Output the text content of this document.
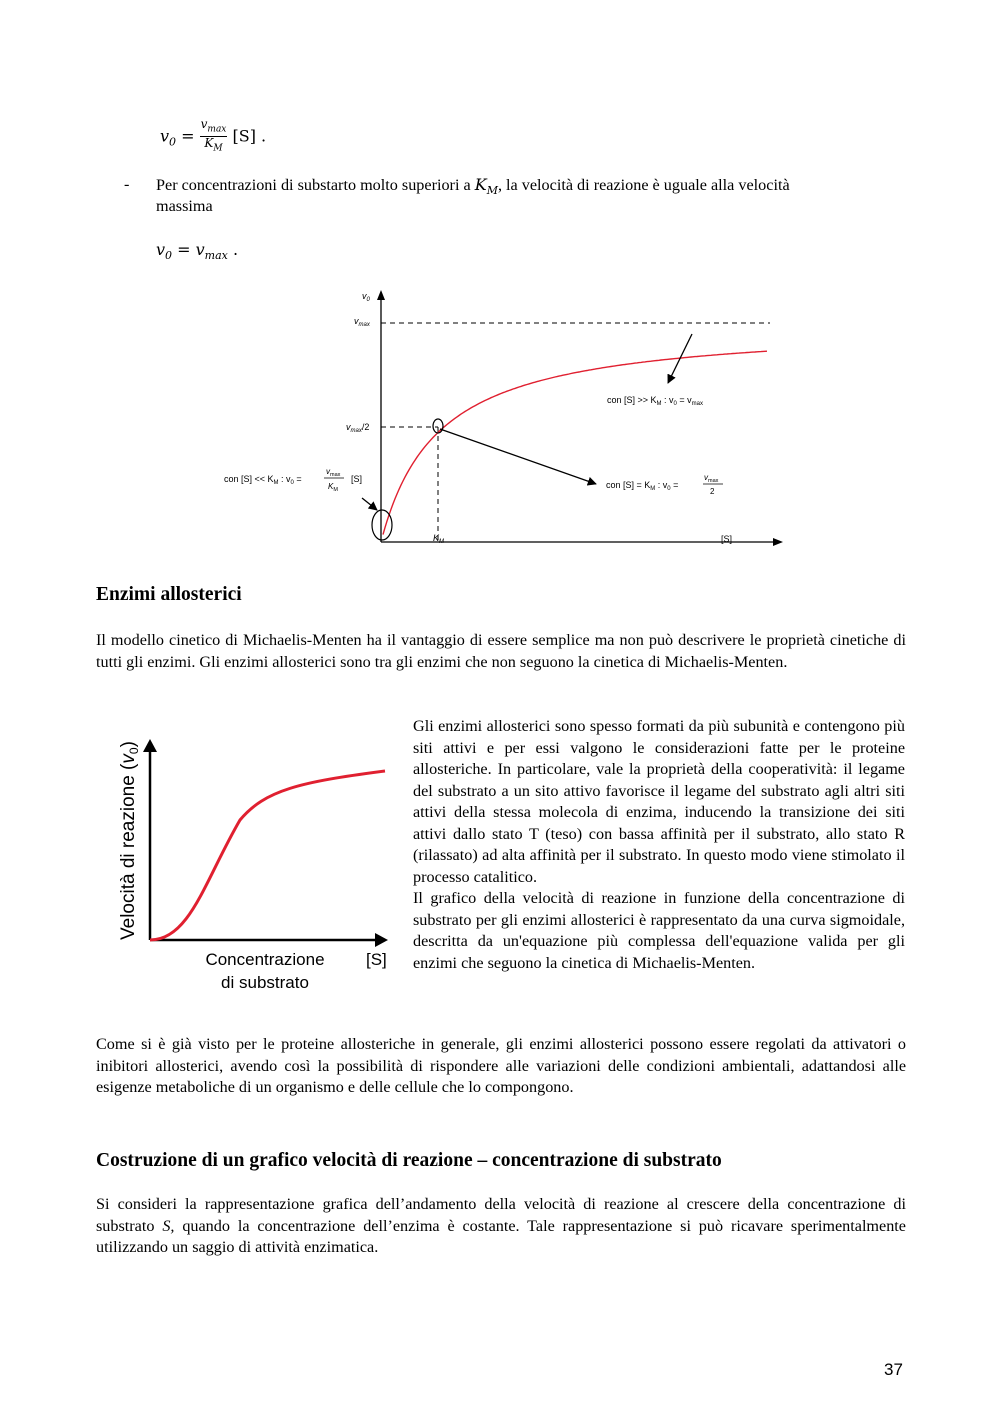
$v_0 = \frac{v_{max}}{K_M} [S]$ .
- Per concentrazioni di substarto molto superiori a $K_M$, la velocità di reazione è uguale alla velocità
massima
$v_0 = v_{max}$ .
$v_0$
$v_{max}$
$v_{max}/2$
$K_M$	[S]
con $[S] >> K_M$ : $v_0 = v_{max}$
con $[S] = K_M$ : $v_0$ =
$v_{max}$
2
con $[S] << K_M$ : $v_0$ =
$v_{max}$
$K_M$
[S]
Enzimi allosterici
Il modello cinetico di Michaelis-Menten ha il vantaggio di essere semplice ma non può descrivere le proprietà cinetiche di tutti gli enzimi. Gli enzimi allosterici sono tra gli enzimi che non seguono la cinetica di Michaelis-Menten.
Velocità di reazione $(v_0)$
Concentrazione
di substrato
[S]
Gli enzimi allosterici sono spesso formati da più subunità e contengono più siti attivi e per essi valgono le considerazioni fatte per le proteine allosteriche. In particolare, vale la proprietà della cooperatività: il legame del substrato a un sito attivo favorisce il legame del substrato agli altri siti attivi della stessa molecola di enzima, inducendo la transizione dei siti attivi dallo stato T (teso) con bassa affinità per il substrato, allo stato R (rilassato) ad alta affinità per il substrato. In questo modo viene stimolato il processo catalitico.
Il grafico della velocità di reazione in funzione della concentrazione di substrato per gli enzimi allosterici è rappresentato da una curva sigmoidale, descritta da un'equazione più complessa dell'equazione valida per gli enzimi che seguono la cinetica di Michaelis-Menten.
Come si è già visto per le proteine allosteriche in generale, gli enzimi allosterici possono essere regolati da attivatori o inibitori allosterici, avendo così la possibilità di rispondere alle variazioni delle condizioni ambientali, adattandosi alle esigenze metaboliche di un organismo e delle cellule che lo compongono.
Costruzione di un grafico velocità di reazione – concentrazione di substrato
Si consideri la rappresentazione grafica dell’andamento della velocità di reazione al crescere della concentrazione di substrato S, quando la concentrazione dell’enzima è costante. Tale rappresentazione si può ricavare sperimentalmente utilizzando un saggio di attività enzimatica.
37
